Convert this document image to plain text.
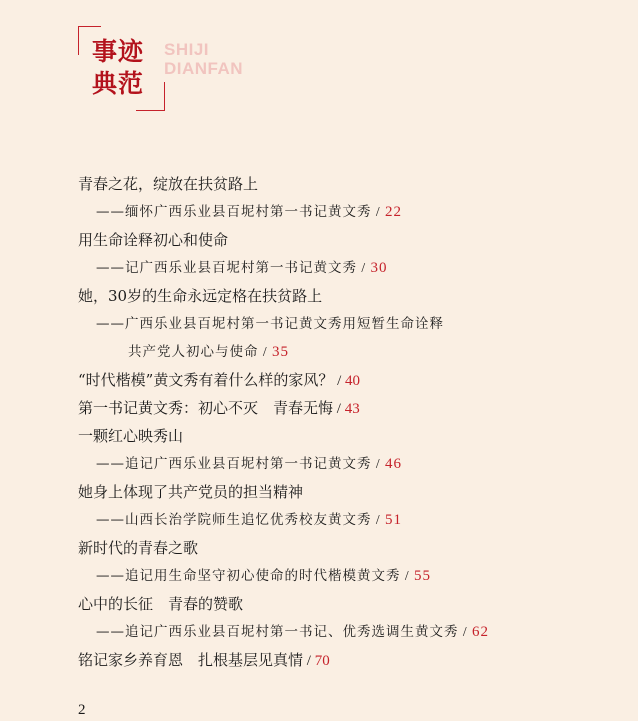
事迹
典范
SHIJI
DIANFAN
青春之花，绽放在扶贫路上
——缅怀广西乐业县百坭村第一书记黄文秀 / 22
用生命诠释初心和使命
——记广西乐业县百坭村第一书记黄文秀 / 30
她，30岁的生命永远定格在扶贫路上
——广西乐业县百坭村第一书记黄文秀用短暂生命诠释
共产党人初心与使命 / 35
“时代楷模”黄文秀有着什么样的家风？ / 40
第一书记黄文秀：初心不灭　青春无悔 / 43
一颗红心映秀山
——追记广西乐业县百坭村第一书记黄文秀 / 46
她身上体现了共产党员的担当精神
——山西长治学院师生追忆优秀校友黄文秀 / 51
新时代的青春之歌
——追记用生命坚守初心使命的时代楷模黄文秀 / 55
心中的长征　青春的赞歌
——追记广西乐业县百坭村第一书记、优秀选调生黄文秀 / 62
铭记家乡养育恩　扎根基层见真情 / 70
2
